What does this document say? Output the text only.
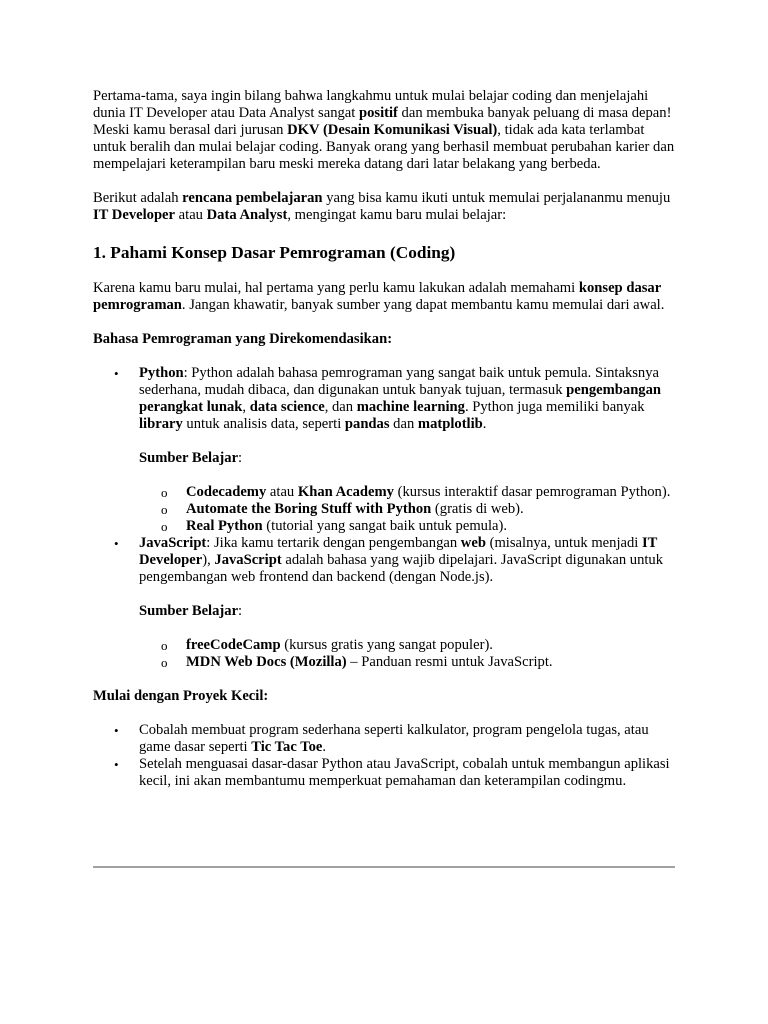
Pertama-tama, saya ingin bilang bahwa langkahmu untuk mulai belajar coding dan menjelajahi dunia IT Developer atau Data Analyst sangat positif dan membuka banyak peluang di masa depan! Meski kamu berasal dari jurusan DKV (Desain Komunikasi Visual), tidak ada kata terlambat untuk beralih dan mulai belajar coding. Banyak orang yang berhasil membuat perubahan karier dan mempelajari keterampilan baru meski mereka datang dari latar belakang yang berbeda.

Berikut adalah rencana pembelajaran yang bisa kamu ikuti untuk memulai perjalananmu menuju IT Developer atau Data Analyst, mengingat kamu baru mulai belajar:

1. Pahami Konsep Dasar Pemrograman (Coding)

Karena kamu baru mulai, hal pertama yang perlu kamu lakukan adalah memahami konsep dasar pemrograman. Jangan khawatir, banyak sumber yang dapat membantu kamu memulai dari awal.

Bahasa Pemrograman yang Direkomendasikan:

• Python: Python adalah bahasa pemrograman yang sangat baik untuk pemula. Sintaksnya sederhana, mudah dibaca, dan digunakan untuk banyak tujuan, termasuk pengembangan perangkat lunak, data science, dan machine learning. Python juga memiliki banyak library untuk analisis data, seperti pandas dan matplotlib.

Sumber Belajar:

o Codecademy atau Khan Academy (kursus interaktif dasar pemrograman Python).
o Automate the Boring Stuff with Python (gratis di web).
o Real Python (tutorial yang sangat baik untuk pemula).
• JavaScript: Jika kamu tertarik dengan pengembangan web (misalnya, untuk menjadi IT Developer), JavaScript adalah bahasa yang wajib dipelajari. JavaScript digunakan untuk pengembangan web frontend dan backend (dengan Node.js).

Sumber Belajar:

o freeCodeCamp (kursus gratis yang sangat populer).
o MDN Web Docs (Mozilla) – Panduan resmi untuk JavaScript.

Mulai dengan Proyek Kecil:

• Cobalah membuat program sederhana seperti kalkulator, program pengelola tugas, atau game dasar seperti Tic Tac Toe.
• Setelah menguasai dasar-dasar Python atau JavaScript, cobalah untuk membangun aplikasi kecil, ini akan membantumu memperkuat pemahaman dan keterampilan codingmu.
